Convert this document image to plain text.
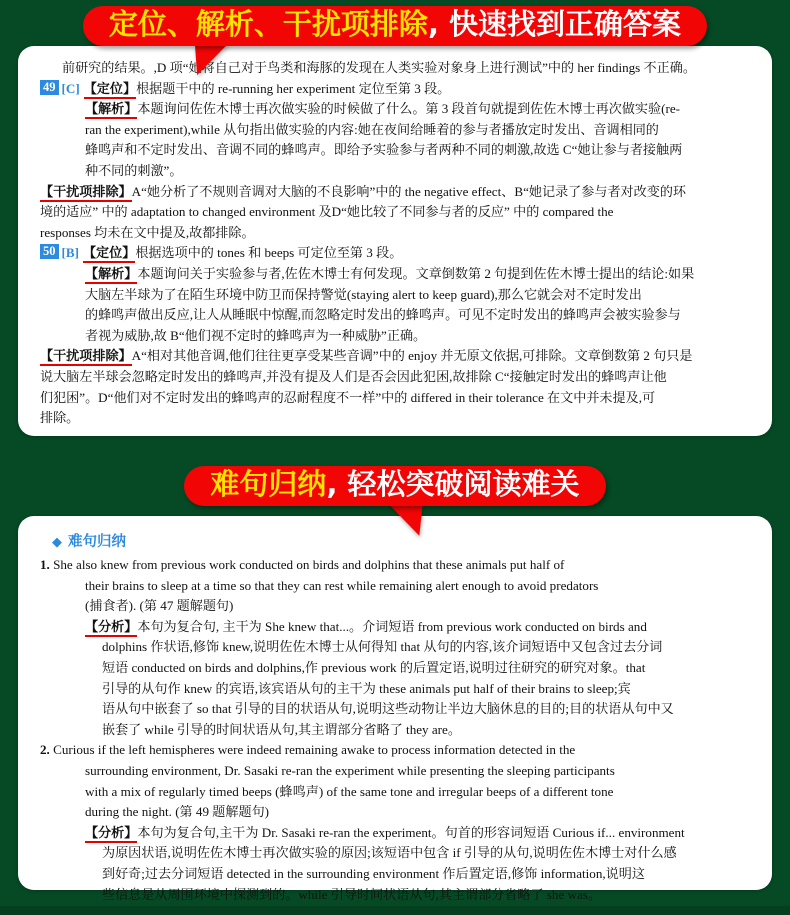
定位、解析、干扰项排除, 快速找到正确答案
前研究的结果。,D 项“她将自己对于鸟类和海豚的发现在人类实验对象身上进行测试”中的 her findings 不正确。
49 [C] 【定位】根据题干中的 re-running her experiment 定位至第 3 段。
【解析】本题询问佐佐木博士再次做实验的时候做了什么。第 3 段首句就提到佐佐木博士再次做实验(re-
ran the experiment),while 从句指出做实验的内容:她在夜间给睡着的参与者播放定时发出、音调相同的
蜂鸣声和不定时发出、音调不同的蜂鸣声。即给予实验参与者两种不同的刺激,故选 C“她让参与者接触两
种不同的刺激”。
【干扰项排除】A“她分析了不规则音调对大脑的不良影响”中的 the negative effect、B“她记录了参与者对改变的环
境的适应” 中的 adaptation to changed environment 及D“她比较了不同参与者的反应” 中的 compared the
responses 均未在文中提及,故都排除。
50 [B] 【定位】根据选项中的 tones 和 beeps 可定位至第 3 段。
【解析】本题询问关于实验参与者,佐佐木博士有何发现。文章倒数第 2 句提到佐佐木博士提出的结论:如果
大脑左半球为了在陌生环境中防卫而保持警觉(staying alert to keep guard),那么它就会对不定时发出
的蜂鸣声做出反应,让人从睡眠中惊醒,而忽略定时发出的蜂鸣声。可见不定时发出的蜂鸣声会被实验参与
者视为威胁,故 B“他们视不定时的蜂鸣声为一种威胁”正确。
【干扰项排除】A“相对其他音调,他们往往更享受某些音调”中的 enjoy 并无原文依据,可排除。文章倒数第 2 句只是
说大脑左半球会忽略定时发出的蜂鸣声,并没有提及人们是否会因此犯困,故排除 C“接触定时发出的蜂鸣声让他
们犯困”。D“他们对不定时发出的蜂鸣声的忍耐程度不一样”中的 differed in their tolerance 在文中并未提及,可
排除。
难句归纳, 轻松突破阅读难关
◆ 难句归纳
1. She also knew from previous work conducted on birds and dolphins that these animals put half of
their brains to sleep at a time so that they can rest while remaining alert enough to avoid predators
(捕食者). (第 47 题解题句)
【分析】本句为复合句, 主干为 She knew that...。介词短语 from previous work conducted on birds and
dolphins 作状语,修饰 knew,说明佐佐木博士从何得知 that 从句的内容,该介词短语中又包含过去分词
短语 conducted on birds and dolphins,作 previous work 的后置定语,说明过往研究的研究对象。that
引导的从句作 knew 的宾语,该宾语从句的主干为 these animals put half of their brains to sleep;宾
语从句中嵌套了 so that 引导的目的状语从句,说明这些动物让半边大脑休息的目的;目的状语从句中又
嵌套了 while 引导的时间状语从句,其主谓部分省略了 they are。
2. Curious if the left hemispheres were indeed remaining awake to process information detected in the
surrounding environment, Dr. Sasaki re-ran the experiment while presenting the sleeping participants
with a mix of regularly timed beeps (蜂鸣声) of the same tone and irregular beeps of a different tone
during the night. (第 49 题解题句)
【分析】本句为复合句,主干为 Dr. Sasaki re-ran the experiment。句首的形容词短语 Curious if... environment
为原因状语,说明佐佐木博士再次做实验的原因;该短语中包含 if 引导的从句,说明佐佐木博士对什么感
到好奇;过去分词短语 detected in the surrounding environment 作后置定语,修饰 information,说明这
些信息是从周围环境中探测到的。while 引导时间状语从句,其主谓部分省略了 she was。
